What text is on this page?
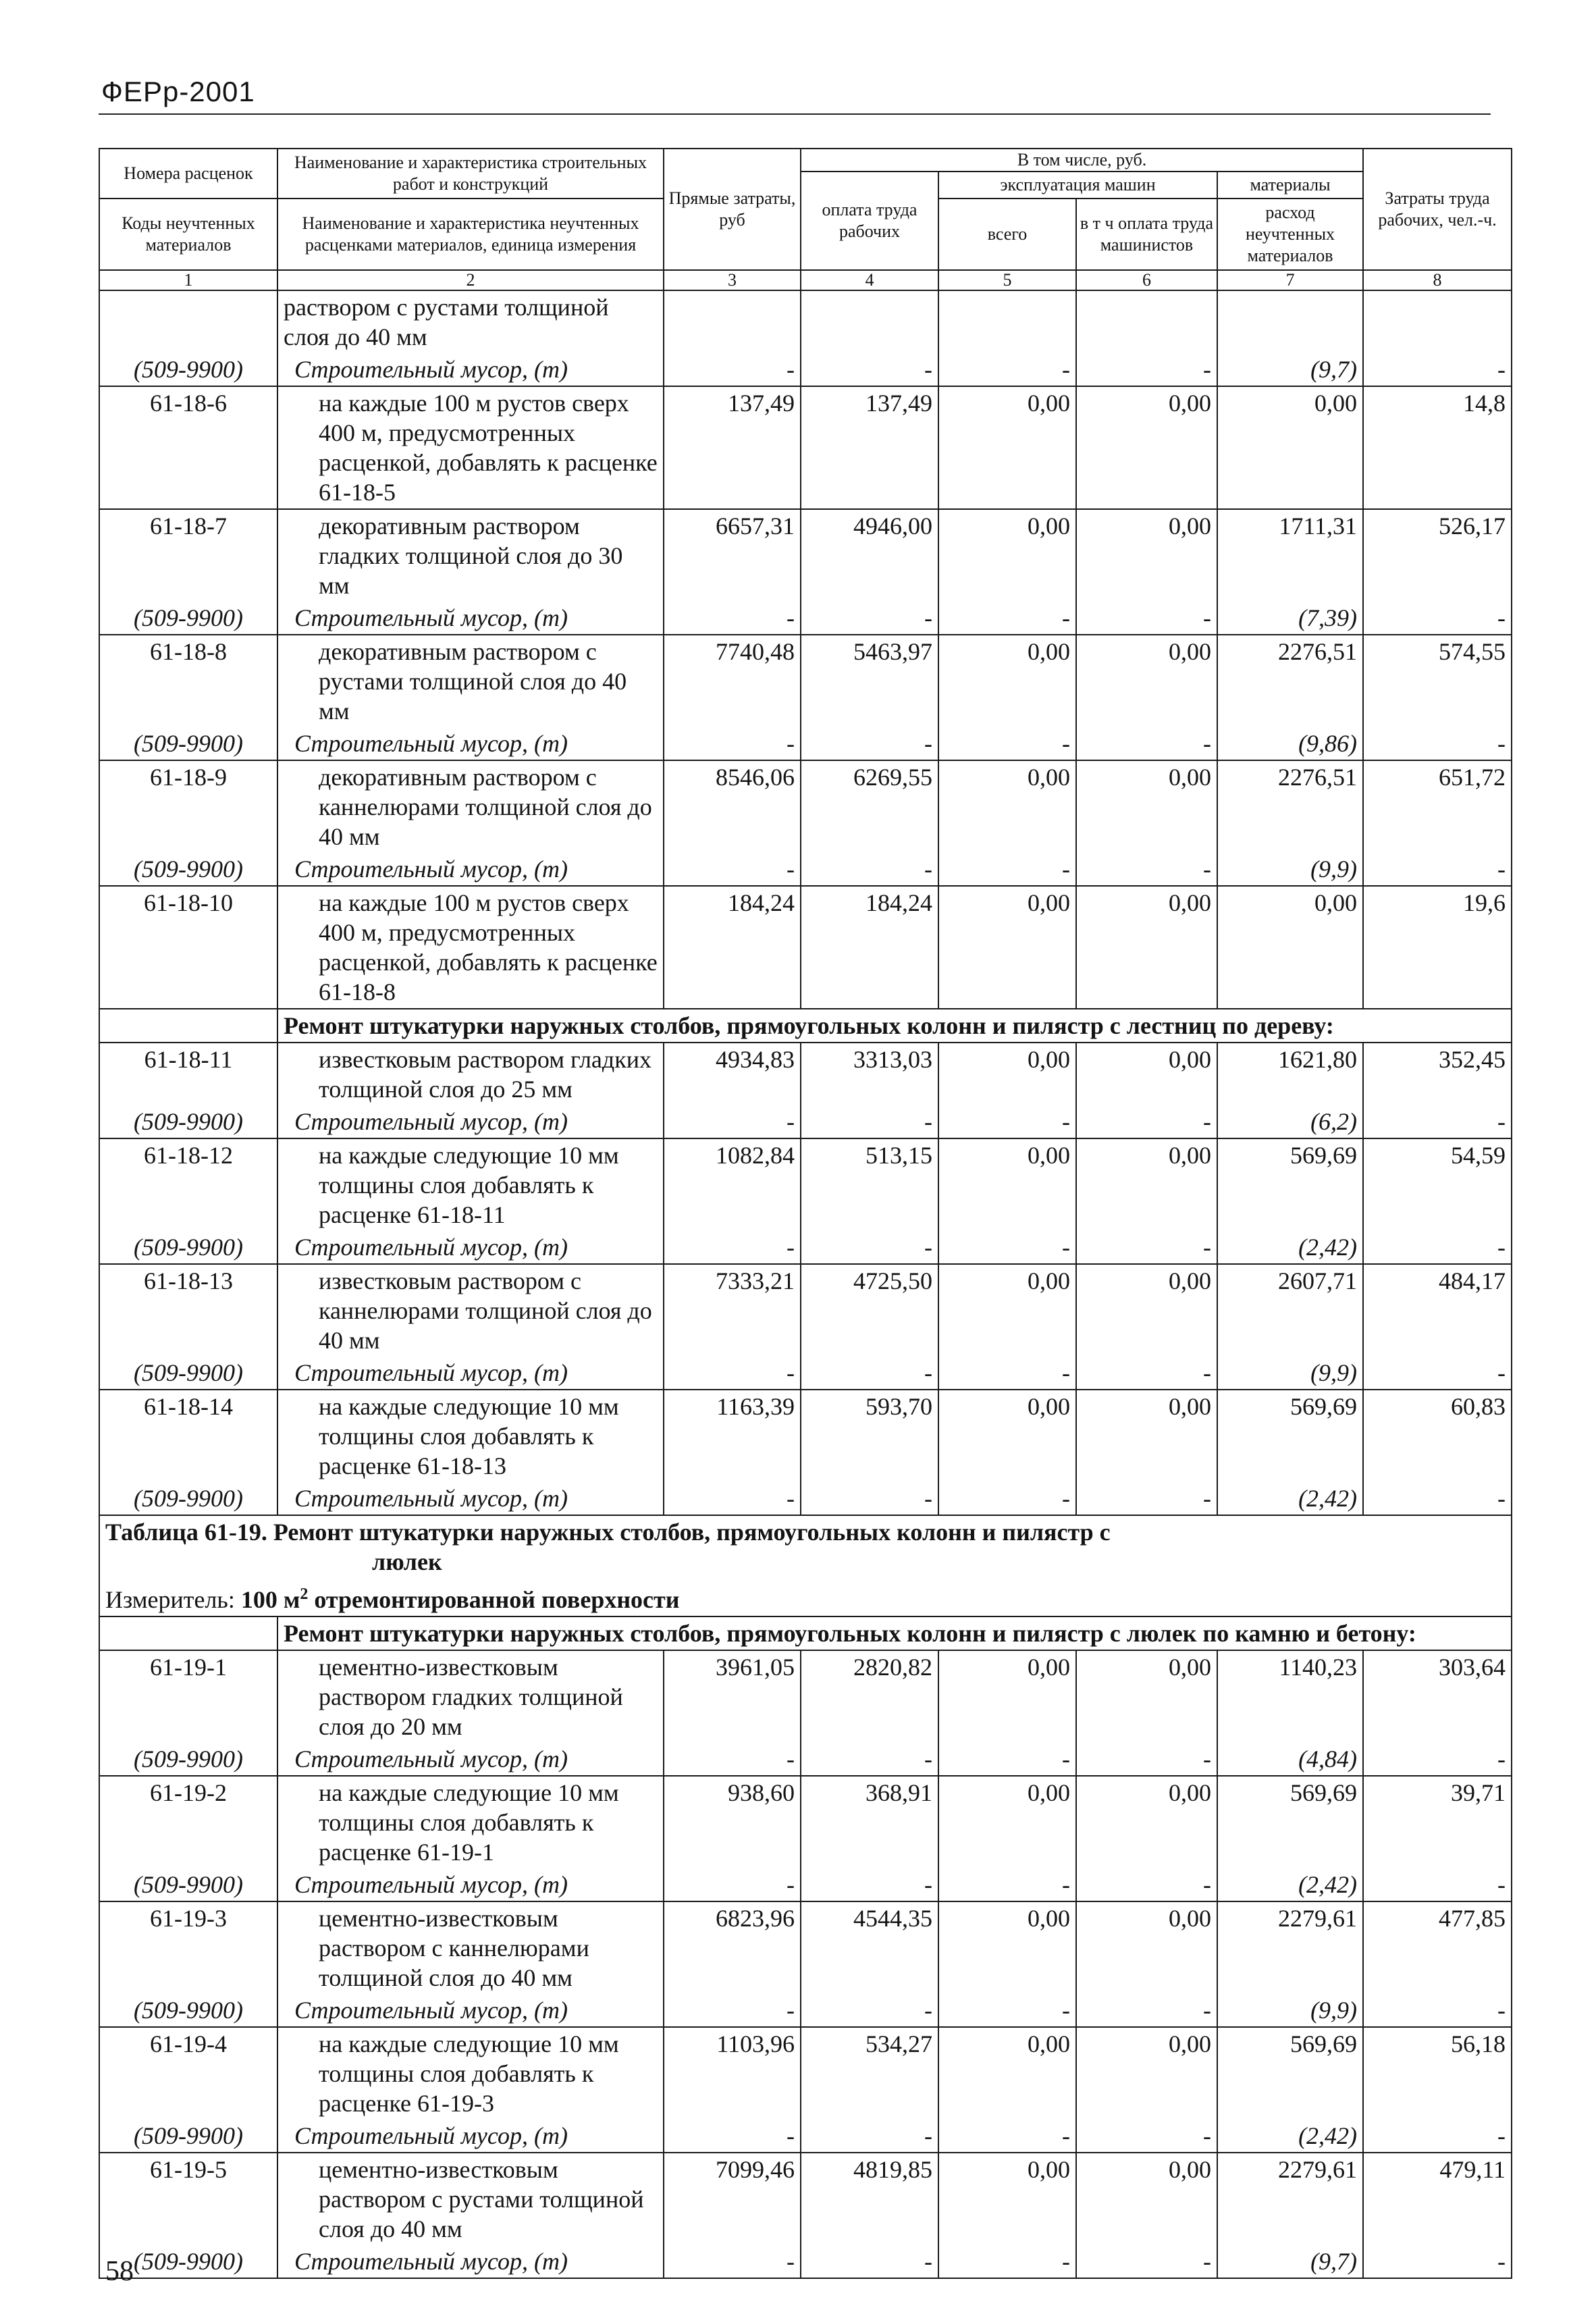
ФЕРр-2001
Номера расценок	Наименование и характеристика строительных работ и конструкций	Прямые затраты, руб	В том числе, руб.				Затраты труда рабочих, чел.-ч.
			оплата труда рабочих	эксплуатация машин		материалы	
Коды неучтенных материалов	Наименование и характеристика неучтенных расценками материалов, единица измерения			всего	в т ч оплата труда машинистов	расход неучтенных материалов	

1	2	3	4	5	6	7	8
	раствором с рустами толщиной слоя до 40 мм						
(509-9900)	Строительный мусор, (т)	-	-	-	-	(9,7)	-
61-18-6	на каждые 100 м рустов сверх 400 м, предусмотренных расценкой, добавлять к расценке 61-18-5	137,49	137,49	0,00	0,00	0,00	14,8
61-18-7	декоративным раствором гладких толщиной слоя до 30 мм	6657,31	4946,00	0,00	0,00	1711,31	526,17
(509-9900)	Строительный мусор, (т)	-	-	-	-	(7,39)	-
61-18-8	декоративным раствором с рустами толщиной слоя до 40 мм	7740,48	5463,97	0,00	0,00	2276,51	574,55
(509-9900)	Строительный мусор, (т)	-	-	-	-	(9,86)	-
61-18-9	декоративным раствором с каннелюрами толщиной слоя до 40 мм	8546,06	6269,55	0,00	0,00	2276,51	651,72
(509-9900)	Строительный мусор, (т)	-	-	-	-	(9,9)	-
61-18-10	на каждые 100 м рустов сверх 400 м, предусмотренных расценкой, добавлять к расценке 61-18-8	184,24	184,24	0,00	0,00	0,00	19,6
	Ремонт штукатурки наружных столбов, прямоугольных колонн и пилястр с лестниц по дереву:						
61-18-11	известковым раствором гладких толщиной слоя до 25 мм	4934,83	3313,03	0,00	0,00	1621,80	352,45
(509-9900)	Строительный мусор, (т)	-	-	-	-	(6,2)	-
61-18-12	на каждые следующие 10 мм толщины слоя добавлять к расценке 61-18-11	1082,84	513,15	0,00	0,00	569,69	54,59
(509-9900)	Строительный мусор, (т)	-	-	-	-	(2,42)	-
61-18-13	известковым раствором с каннелюрами толщиной слоя до 40 мм	7333,21	4725,50	0,00	0,00	2607,71	484,17
(509-9900)	Строительный мусор, (т)	-	-	-	-	(9,9)	-
61-18-14	на каждые следующие 10 мм толщины слоя добавлять к расценке 61-18-13	1163,39	593,70	0,00	0,00	569,69	60,83
(509-9900)	Строительный мусор, (т)	-	-	-	-	(2,42)	-
Таблица 61-19. Ремонт штукатурки наружных столбов, прямоугольных колонн и пилястр с

люлек							

Измеритель: 100 $м^2$ отремонтированной поверхности							
	Ремонт штукатурки наружных столбов, прямоугольных колонн и пилястр с люлек по камню и бетону:						
61-19-1	цементно-известковым раствором гладких толщиной слоя до 20 мм	3961,05	2820,82	0,00	0,00	1140,23	303,64
(509-9900)	Строительный мусор, (т)	-	-	-	-	(4,84)	-
61-19-2	на каждые следующие 10 мм толщины слоя добавлять к расценке 61-19-1	938,60	368,91	0,00	0,00	569,69	39,71
(509-9900)	Строительный мусор, (т)	-	-	-	-	(2,42)	-
61-19-3	цементно-известковым раствором с каннелюрами толщиной слоя до 40 мм	6823,96	4544,35	0,00	0,00	2279,61	477,85
(509-9900)	Строительный мусор, (т)	-	-	-	-	(9,9)	-
61-19-4	на каждые следующие 10 мм толщины слоя добавлять к расценке 61-19-3	1103,96	534,27	0,00	0,00	569,69	56,18
(509-9900)	Строительный мусор, (т)	-	-	-	-	(2,42)	-
61-19-5	цементно-известковым раствором с рустами толщиной слоя до 40 мм	7099,46	4819,85	0,00	0,00	2279,61	479,11
(509-9900)	Строительный мусор, (т)	-	-	-	-	(9,7)	-
58
